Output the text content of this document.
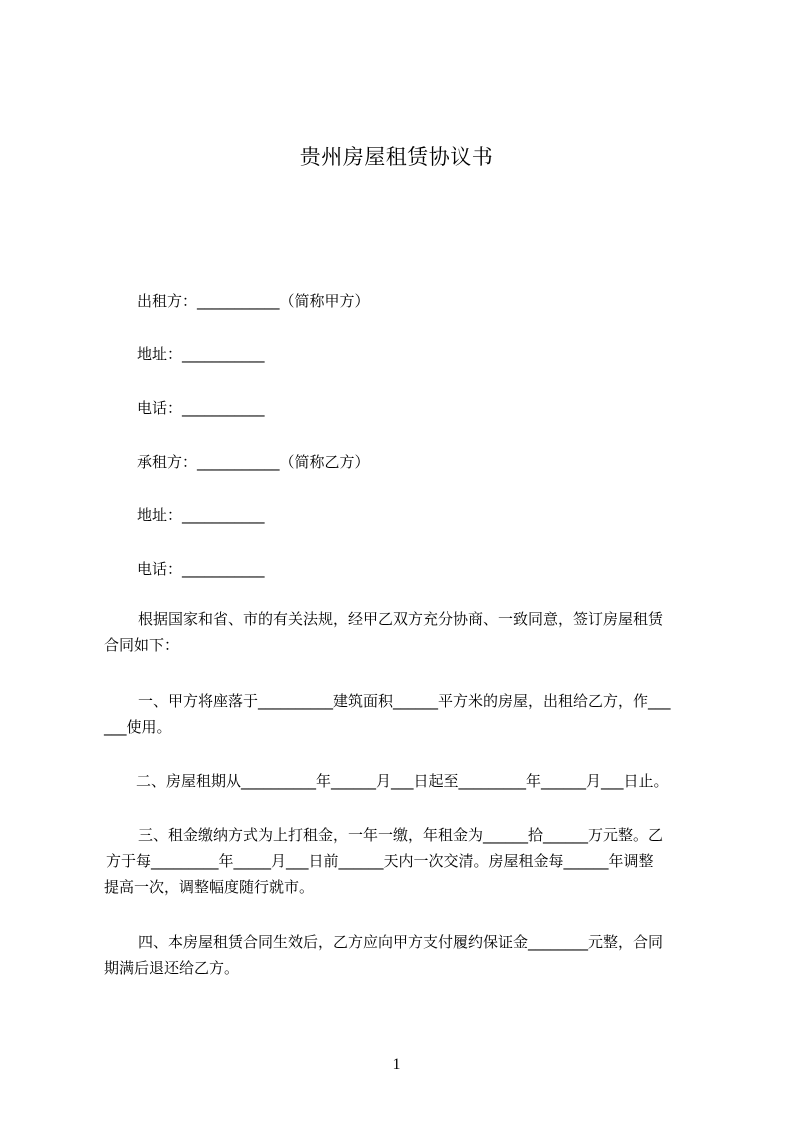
贵州房屋租赁协议书
出租方：___________（简称甲方）
地址：___________
电话：___________
承租方：___________（简称乙方）
地址：___________
电话：___________
根据国家和省、市的有关法规，经甲乙双方充分协商、一致同意，签订房屋租赁
合同如下：
一、甲方将座落于__________建筑面积______平方米的房屋，出租给乙方，作___
___使用。
二、房屋租期从__________年______月___日起至_________年______月___日止。
三、租金缴纳方式为上打租金，一年一缴，年租金为______拾______万元整。乙
方于每_________年_____月___日前______天内一次交清。房屋租金每______年调整
提高一次，调整幅度随行就市。
四、本房屋租赁合同生效后，乙方应向甲方支付履约保证金________元整，合同
期满后退还给乙方。
1
